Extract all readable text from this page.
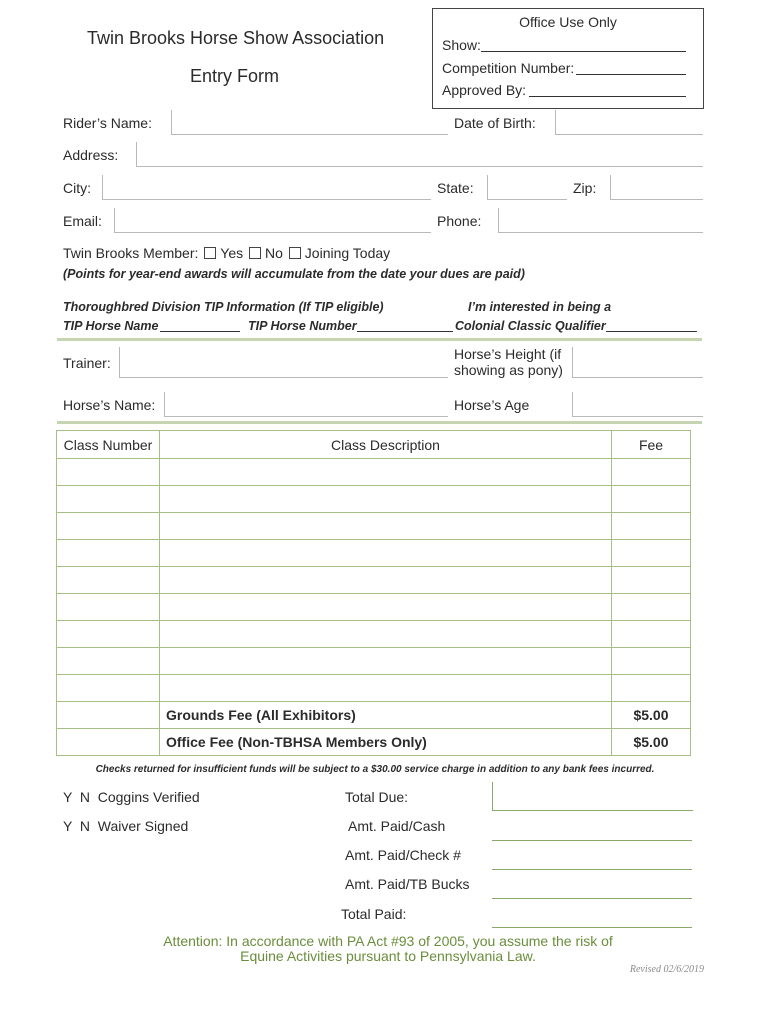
Twin Brooks Horse Show Association
Entry Form
Office Use Only
Show:
Competition Number:
Approved By:
Rider’s Name:	Date of Birth:
Address:
City:	State:	Zip:
Email:	Phone:
Twin Brooks Member: Yes No Joining Today
(Points for year-end awards will accumulate from the date your dues are paid)
Thoroughbred Division TIP Information (If TIP eligible)
TIP Horse Name	TIP Horse Number
I’m interested in being a
Colonial Classic Qualifier
Trainer:
Horse’s Height (if
showing as pony)
Horse’s Name:	Horse’s Age
Class Number	Class Description	Fee

	Grounds Fee (All Exhibitors)	$5.00
	Office Fee (Non-TBHSA Members Only)	$5.00
Checks returned for insufficient funds will be subject to a $30.00 service charge in addition to any bank fees incurred.
Y  N  Coggins Verified
Y  N  Waiver Signed
Total Due:
Amt. Paid/Cash
Amt. Paid/Check #
Amt. Paid/TB Bucks
Total Paid:
Attention: In accordance with PA Act #93 of 2005, you assume the risk of
Equine Activities pursuant to Pennsylvania Law.
Revised 02/6/2019
